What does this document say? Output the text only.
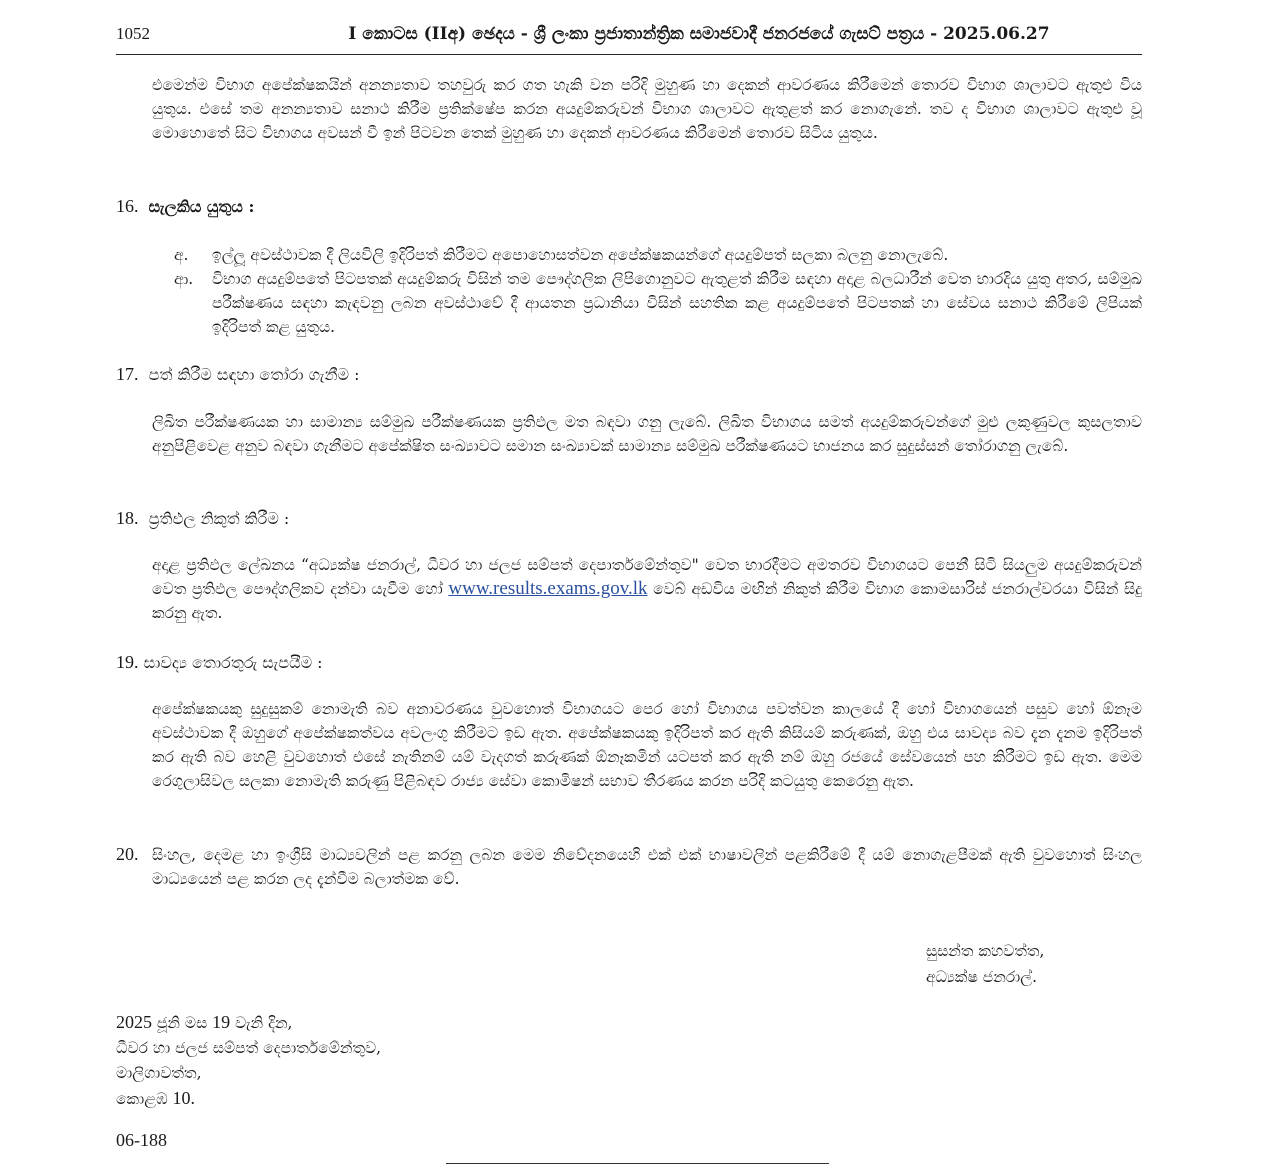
1052	I කොටස (IIඅ) ඡෙදය - ශ්‍රී ලංකා ප්‍රජාතාන්ත්‍රික සමාජවාදී ජනරජයේ ගැසට් පත්‍රය - 2025.06.27
එමෙන්ම විභාග අපේක්ෂකයින් අනන්‍යතාව තහවුරු කර ගත හැකි වන පරිදි මුහුණ හා දෙකන් ආවරණය කිරීමෙන් තොරව විභාග ශාලාවට ඇතුළු විය යුතුය. එසේ තම අනන්‍යතාව සනාථ කිරීම ප්‍රතික්ෂේප කරන අයදුම්කරුවන් විභාග ශාලාවට ඇතුළත් කර නොගැනේ. තව ද විභාග ශාලාවට ඇතුළු වූ මොහොතේ සිට විභාගය අවසන් වී ඉන් පිටවන තෙක් මුහුණ හා දෙකන් ආවරණය කිරීමෙන් තොරව සිටිය යුතුය.
16. සැලකිය යුතුය :
අ. ඉල්ලූ අවස්ථාවක දී ලියවිලි ඉදිරිපත් කිරීමට අපොහොසත්වන අපේක්ෂකයන්ගේ අයදුම්පත් සලකා බලනු නොලැබේ.
ආ. විභාග අයදුම්පතේ පිටපතක් අයදුම්කරු විසින් තම පෞද්ගලික ලිපිගොනුවට ඇතුළත් කිරීම සඳහා අදාළ බලධාරීන් වෙත භාරදිය යුතු අතර, සම්මුඛ පරීක්ෂණය සඳහා කැඳවනු ලබන අවස්ථාවේ දී ආයතන ප්‍රධානියා විසින් සහතික කළ අයදුම්පතේ පිටපතක් හා සේවය සනාථ කිරීමේ ලිපියක් ඉදිරිපත් කළ යුතුය.
17. පත් කිරීම සඳහා තෝරා ගැනීම :
ලිඛිත පරීක්ෂණයක හා සාමාන්‍ය සම්මුඛ පරීක්ෂණයක ප්‍රතිඵල මත බඳවා ගනු ලැබේ. ලිඛිත විභාගය සමත් අයදුම්කරුවන්ගේ මුළු ලකුණුවල කුසලතාව අනුපිළිවෙළ අනුව බඳවා ගැනීමට අපේක්ෂිත සංඛ්‍යාවට සමාන සංඛ්‍යාවක් සාමාන්‍ය සම්මුඛ පරීක්ෂණයට භාජනය කර සුදුස්සන් තෝරාගනු ලැබේ.
18. ප්‍රතිඵල නිකුත් කිරීම :
අදාළ ප්‍රතිඵල ලේඛනය “අධ්‍යක්ෂ ජනරාල්, ධීවර හා ජලජ සම්පත් දෙපාර්තමේන්තුව" වෙත භාරදීමට අමතරව විභාගයට පෙනී සිටි සියලුම අයදුම්කරුවන් වෙත ප්‍රතිඵල පෞද්ගලිකව දන්වා යැවීම හෝ www.results.exams.gov.lk වෙබ් අඩවිය මඟින් නිකුත් කිරීම විභාග කොමසාරිස් ජනරාල්වරයා විසින් සිදු කරනු ඇත.
19. සාවද්‍ය තොරතුරු සැපයීම :
අපේක්ෂකයකු සුදුසුකම් නොමැති බව අනාවරණය වුවහොත් විභාගයට පෙර හෝ විභාගය පවත්වන කාලයේ දී හෝ විභාගයෙන් පසුව හෝ ඕනෑම අවස්ථාවක දී ඔහුගේ අපේක්ෂකත්වය අවලංගු කිරීමට ඉඩ ඇත. අපේක්ෂකයකු ඉදිරිපත් කර ඇති කිසියම් කරුණක්, ඔහු එය සාවද්‍ය බව දැන දැනම ඉදිරිපත් කර ඇති බව හෙළි වුවහොත් එසේ නැතිනම් යම් වැදගත් කරුණක් ඕනෑකමින් යටපත් කර ඇති නම් ඔහු රජයේ සේවයෙන් පහ කිරීමට ඉඩ ඇත. මෙම රෙගුලාසිවල සලකා නොමැති කරුණු පිළිබඳව රාජ්‍ය සේවා කොමිෂන් සභාව තීරණය කරන පරිදි කටයුතු කෙරෙනු ඇත.
20. සිංහල, දෙමළ හා ඉංග්‍රීසි මාධ්‍යවලින් පළ කරනු ලබන මෙම නිවේදනයෙහි එක් එක් භාෂාවලින් පළකිරීමේ දී යම් නොගැළපීමක් ඇති වුවහොත් සිංහල මාධ්‍යයෙන් පළ කරන ලද දැන්වීම බලාත්මක වේ.
සුසන්ත කහවත්ත,
අධ්‍යක්ෂ ජනරාල්.
2025 ජූනි මස 19 වැනි දින,
ධීවර හා ජලජ සම්පත් දෙපාර්තමේන්තුව,
මාලිගාවත්ත,
කොළඹ 10.
06-188
